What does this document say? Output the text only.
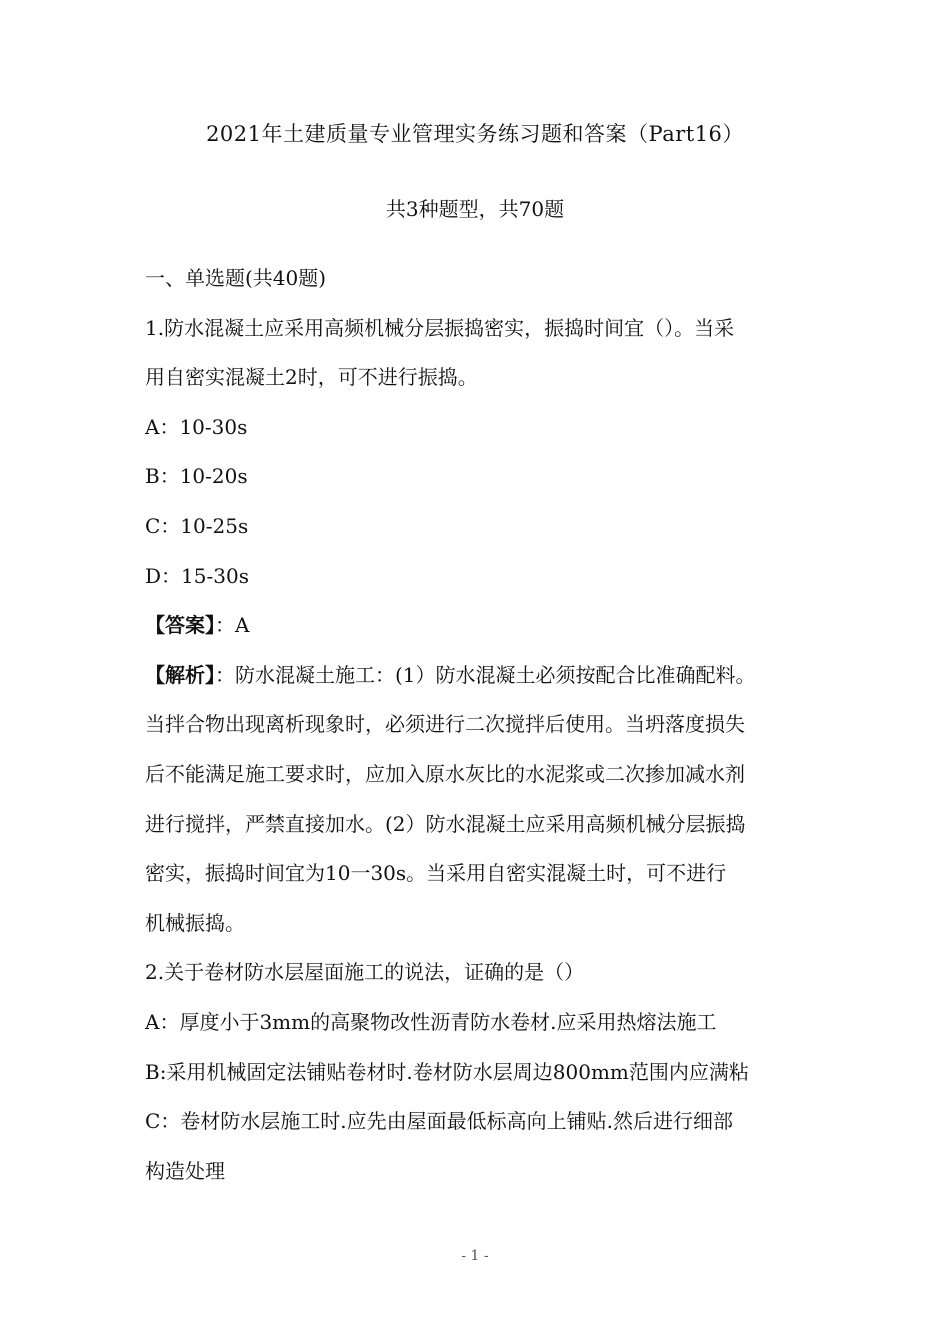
2021年土建质量专业管理实务练习题和答案（Part16）
共3种题型，共70题
一、单选题(共40题)
1.防水混凝土应采用高频机械分层振捣密实，振捣时间宜（）。当采
用自密实混凝土2时，可不进行振捣。
A：10-30s
B：10-20s
C：10-25s
D：15-30s
【答案】：A
【解析】：防水混凝土施工：(1）防水混凝土必须按配合比准确配料。
当拌合物出现离析现象时，必须进行二次搅拌后使用。当坍落度损失
后不能满足施工要求时，应加入原水灰比的水泥浆或二次掺加减水剂
进行搅拌，严禁直接加水。(2）防水混凝土应采用高频机械分层振捣
密实，振捣时间宜为10一30s。当采用自密实混凝土时，可不进行
机械振捣。
2.关于卷材防水层屋面施工的说法，证确的是（）
A：厚度小于3mm的高聚物改性沥青防水卷材.应采用热熔法施工
B:采用机械固定法铺贴卷材时.卷材防水层周边800mm范围内应满粘
C：卷材防水层施工时.应先由屋面最低标高向上铺贴.然后进行细部
构造处理
- 1 -
